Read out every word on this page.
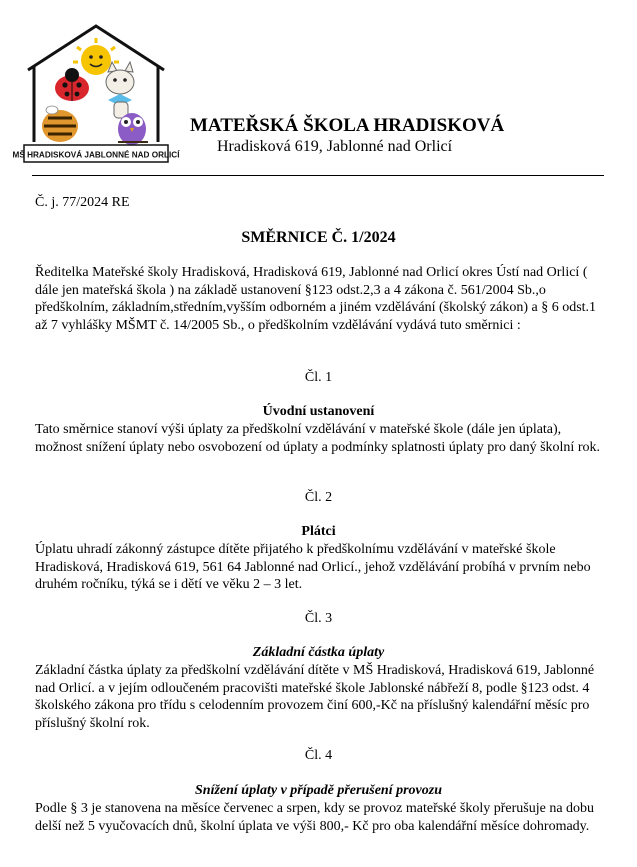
MŠ HRADISKOVÁ JABLONNÉ NAD ORLICÍ
MATEŘSKÁ ŠKOLA HRADISKOVÁ
Hradisková 619, Jablonné nad Orlicí
Č. j. 77/2024 RE
SMĚRNICE Č. 1/2024
Ředitelka Mateřské školy Hradisková, Hradisková 619, Jablonné nad Orlicí okres Ústí nad Orlicí ( dále jen mateřská škola ) na základě ustanovení §123 odst.2,3 a 4 zákona č. 561/2004 Sb.,o předškolním, základním,středním,vyšším odborném a jiném vzdělávání (školský zákon) a § 6 odst.1 až 7 vyhlášky MŠMT č. 14/2005 Sb., o předškolním vzdělávání vydává tuto směrnici :
Čl. 1
Úvodní ustanovení
Tato směrnice stanoví výši úplaty za předškolní vzdělávání v mateřské škole (dále jen úplata), možnost snížení úplaty nebo osvobození od úplaty a podmínky splatnosti úplaty pro daný školní rok.
Čl. 2
Plátci
Úplatu uhradí zákonný zástupce dítěte přijatého k předškolnímu vzdělávání v mateřské škole Hradisková, Hradisková 619, 561 64 Jablonné nad Orlicí., jehož vzdělávání probíhá v prvním nebo druhém ročníku, týká se i dětí ve věku 2 – 3 let.
Čl. 3
Základní částka úplaty
Základní částka úplaty za předškolní vzdělávání dítěte v MŠ Hradisková, Hradisková 619, Jablonné nad Orlicí. a v jejím odloučeném pracovišti mateřské škole Jablonské nábřeží 8, podle §123 odst. 4 školského zákona pro třídu s celodenním provozem činí 600,-Kč na příslušný kalendářní měsíc pro příslušný školní rok.
Čl. 4
Snížení úplaty v případě přerušení provozu
Podle § 3 je stanovena na měsíce červenec a srpen, kdy se provoz mateřské školy přerušuje na dobu delší než 5 vyučovacích dnů, školní úplata ve výši 800,- Kč pro oba kalendářní měsíce dohromady.
